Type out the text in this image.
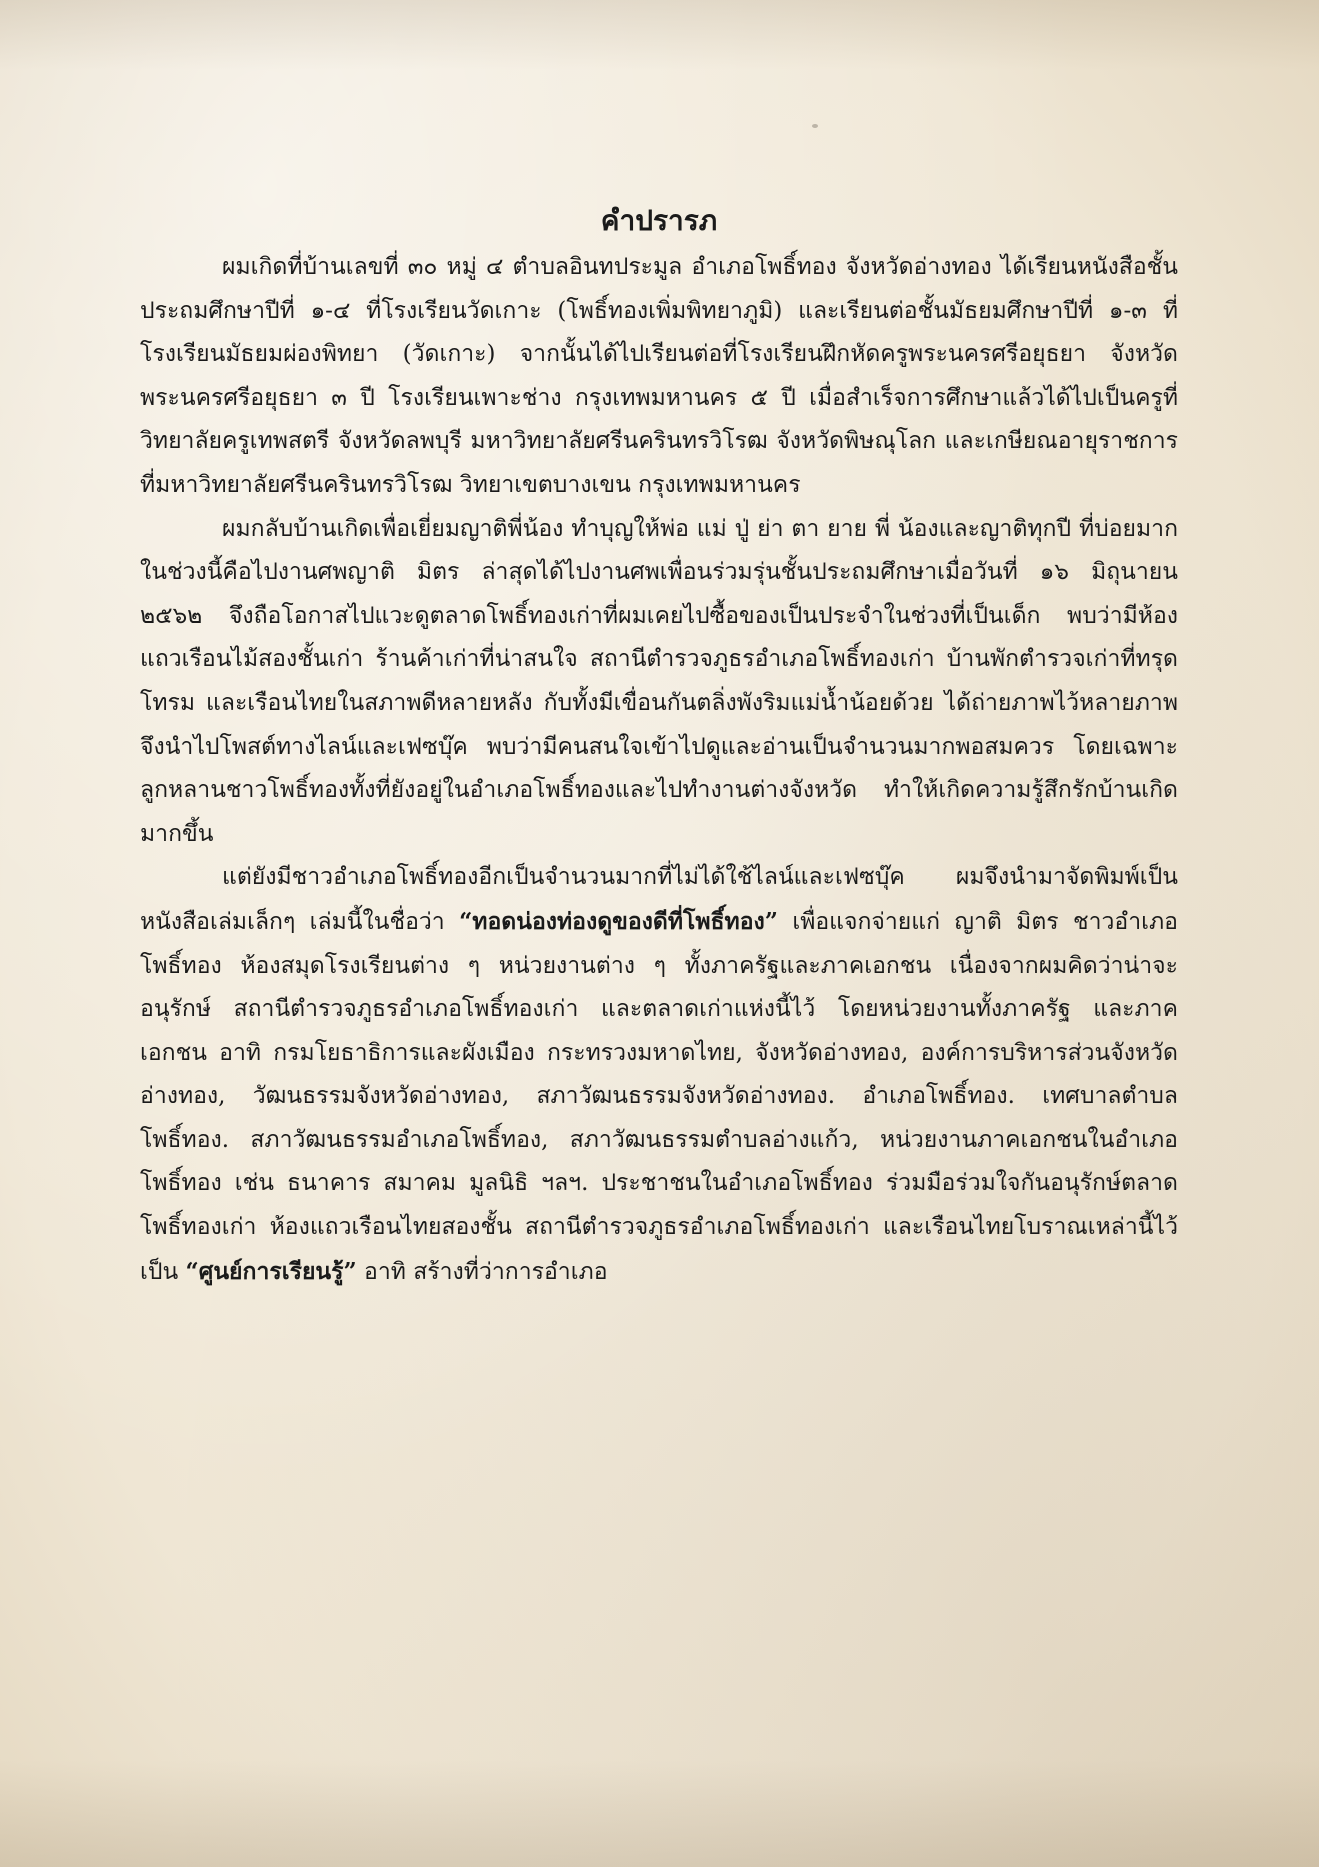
คำปรารภ

ผมเกิดที่บ้านเลขที่ ๓๐ หมู่ ๔ ตำบลอินทประมูล อำเภอโพธิ์ทอง จังหวัดอ่างทอง ได้เรียนหนังสือชั้นประถมศึกษาปีที่ ๑-๔ ที่โรงเรียนวัดเกาะ (โพธิ์ทองเพิ่มพิทยาภูมิ) และเรียนต่อชั้นมัธยมศึกษาปีที่ ๑-๓ ที่โรงเรียนมัธยมผ่องพิทยา (วัดเกาะ) จากนั้นได้ไปเรียนต่อที่โรงเรียนฝึกหัดครูพระนครศรีอยุธยา จังหวัดพระนครศรีอยุธยา ๓ ปี โรงเรียนเพาะช่าง กรุงเทพมหานคร ๕ ปี เมื่อสำเร็จการศึกษาแล้วได้ไปเป็นครูที่วิทยาลัยครูเทพสตรี จังหวัดลพบุรี มหาวิทยาลัยศรีนครินทรวิโรฒ จังหวัดพิษณุโลก และเกษียณอายุราชการที่มหาวิทยาลัยศรีนครินทรวิโรฒ วิทยาเขตบางเขน กรุงเทพมหานคร

ผมกลับบ้านเกิดเพื่อเยี่ยมญาติพี่น้อง ทำบุญให้พ่อ แม่ ปู่ ย่า ตา ยาย พี่ น้องและญาติทุกปี ที่บ่อยมากในช่วงนี้คือไปงานศพญาติ มิตร ล่าสุดได้ไปงานศพเพื่อนร่วมรุ่นชั้นประถมศึกษาเมื่อวันที่ ๑๖ มิถุนายน ๒๕๖๒ จึงถือโอกาสไปแวะดูตลาดโพธิ์ทองเก่าที่ผมเคยไปซื้อของเป็นประจำในช่วงที่เป็นเด็ก พบว่ามีห้องแถวเรือนไม้สองชั้นเก่า ร้านค้าเก่าที่น่าสนใจ สถานีตำรวจภูธรอำเภอโพธิ์ทองเก่า บ้านพักตำรวจเก่าที่ทรุดโทรม และเรือนไทยในสภาพดีหลายหลัง กับทั้งมีเขื่อนกันตลิ่งพังริมแม่น้ำน้อยด้วย ได้ถ่ายภาพไว้หลายภาพ จึงนำไปโพสต์ทางไลน์และเฟซบุ๊ค พบว่ามีคนสนใจเข้าไปดูและอ่านเป็นจำนวนมากพอสมควร โดยเฉพาะลูกหลานชาวโพธิ์ทองทั้งที่ยังอยู่ในอำเภอโพธิ์ทองและไปทำงานต่างจังหวัด ทำให้เกิดความรู้สึกรักบ้านเกิดมากขึ้น

แต่ยังมีชาวอำเภอโพธิ์ทองอีกเป็นจำนวนมากที่ไม่ได้ใช้ไลน์และเฟซบุ๊ค ผมจึงนำมาจัดพิมพ์เป็นหนังสือเล่มเล็กๆ เล่มนี้ในชื่อว่า “ทอดน่องท่องดูของดีที่โพธิ์ทอง” เพื่อแจกจ่ายแก่ ญาติ มิตร ชาวอำเภอโพธิ์ทอง ห้องสมุดโรงเรียนต่าง ๆ หน่วยงานต่าง ๆ ทั้งภาครัฐและภาคเอกชน เนื่องจากผมคิดว่าน่าจะอนุรักษ์ สถานีตำรวจภูธรอำเภอโพธิ์ทองเก่า และตลาดเก่าแห่งนี้ไว้ โดยหน่วยงานทั้งภาครัฐ และภาคเอกชน อาทิ กรมโยธาธิการและผังเมือง กระทรวงมหาดไทย, จังหวัดอ่างทอง, องค์การบริหารส่วนจังหวัดอ่างทอง, วัฒนธรรมจังหวัดอ่างทอง, สภาวัฒนธรรมจังหวัดอ่างทอง. อำเภอโพธิ์ทอง. เทศบาลตำบลโพธิ์ทอง. สภาวัฒนธรรมอำเภอโพธิ์ทอง, สภาวัฒนธรรมตำบลอ่างแก้ว, หน่วยงานภาคเอกชนในอำเภอโพธิ์ทอง เช่น ธนาคาร สมาคม มูลนิธิ ฯลฯ. ประชาชนในอำเภอโพธิ์ทอง ร่วมมือร่วมใจกันอนุรักษ์ตลาดโพธิ์ทองเก่า ห้องแถวเรือนไทยสองชั้น สถานีตำรวจภูธรอำเภอโพธิ์ทองเก่า และเรือนไทยโบราณเหล่านี้ไว้เป็น “ศูนย์การเรียนรู้” อาทิ สร้างที่ว่าการอำเภอ
